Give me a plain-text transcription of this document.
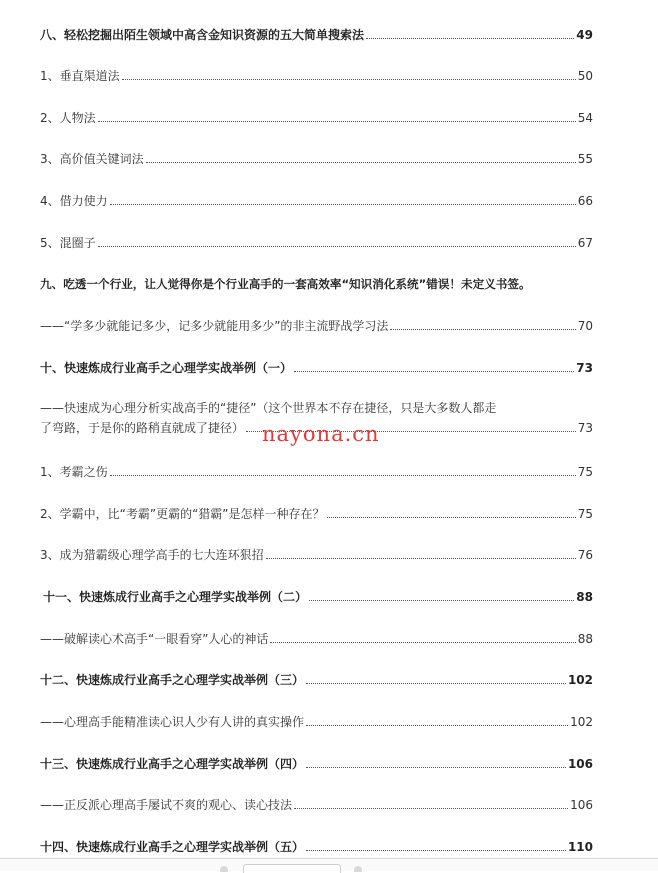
八、轻松挖掘出陌生领域中高含金知识资源的五大简单搜索法	49
1、垂直渠道法	50
2、人物法	54
3、高价值关键词法	55
4、借力使力	66
5、混圈子	67
九、吃透一个行业，让人觉得你是个行业高手的一套高效率“知识消化系统”错误！未定义书签。
——“学多少就能记多少，记多少就能用多少”的非主流野战学习法	70
十、快速炼成行业高手之心理学实战举例（一）	73
——快速成为心理分析实战高手的“捷径”（这个世界本不存在捷径，只是大多数人都走
了弯路，于是你的路稍直就成了捷径）	73
1、考霸之伤	75
2、学霸中，比“考霸”更霸的“猎霸”是怎样一种存在？	75
3、成为猎霸级心理学高手的七大连环狠招	76
十一、快速炼成行业高手之心理学实战举例（二）	88
——破解读心术高手“一眼看穿”人心的神话	88
十二、快速炼成行业高手之心理学实战举例（三）	102
——心理高手能精准读心识人少有人讲的真实操作	102
十三、快速炼成行业高手之心理学实战举例（四）	106
——正反派心理高手屡试不爽的观心、读心技法	106
十四、快速炼成行业高手之心理学实战举例（五）	110
nayona.cn
